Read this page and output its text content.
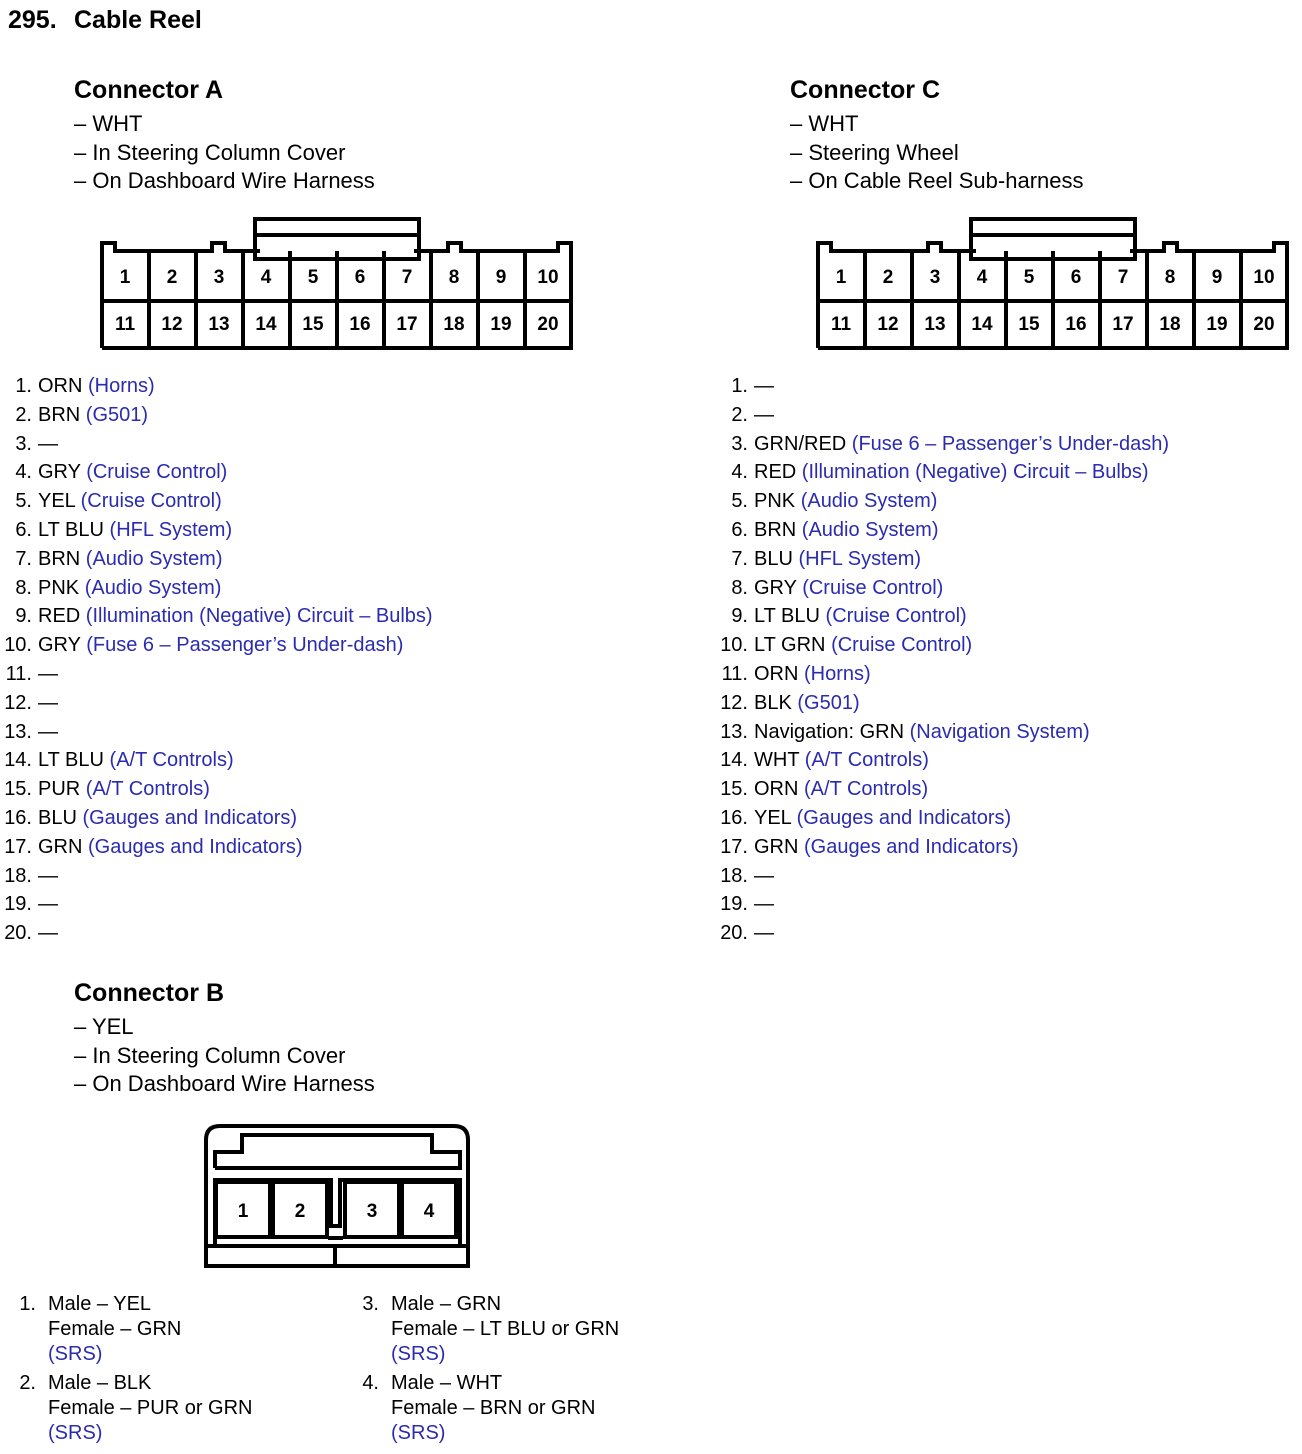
295. Cable Reel
Connector A
– WHT
– In Steering Column Cover
– On Dashboard Wire Harness
1 2 3 4 5 6 7 8 9 10
11 12 13 14 15 16 17 18 19 20
1. ORN (Horns)
2. BRN (G501)
3. —
4. GRY (Cruise Control)
5. YEL (Cruise Control)
6. LT BLU (HFL System)
7. BRN (Audio System)
8. PNK (Audio System)
9. RED (Illumination (Negative) Circuit – Bulbs)
10. GRY (Fuse 6 – Passenger’s Under-dash)
11. —
12. —
13. —
14. LT BLU (A/T Controls)
15. PUR (A/T Controls)
16. BLU (Gauges and Indicators)
17. GRN (Gauges and Indicators)
18. —
19. —
20. —
Connector C
– WHT
– Steering Wheel
– On Cable Reel Sub-harness
1 2 3 4 5 6 7 8 9 10
11 12 13 14 15 16 17 18 19 20
1. —
2. —
3. GRN/RED (Fuse 6 – Passenger’s Under-dash)
4. RED (Illumination (Negative) Circuit – Bulbs)
5. PNK (Audio System)
6. BRN (Audio System)
7. BLU (HFL System)
8. GRY (Cruise Control)
9. LT BLU (Cruise Control)
10. LT GRN (Cruise Control)
11. ORN (Horns)
12. BLK (G501)
13. Navigation: GRN (Navigation System)
14. WHT (A/T Controls)
15. ORN (A/T Controls)
16. YEL (Gauges and Indicators)
17. GRN (Gauges and Indicators)
18. —
19. —
20. —
Connector B
– YEL
– In Steering Column Cover
– On Dashboard Wire Harness
1 2	3 4
1. Male – YEL
Female – GRN
(SRS)
2. Male – BLK
Female – PUR or GRN
(SRS)
3. Male – GRN
Female – LT BLU or GRN
(SRS)
4. Male – WHT
Female – BRN or GRN
(SRS)
